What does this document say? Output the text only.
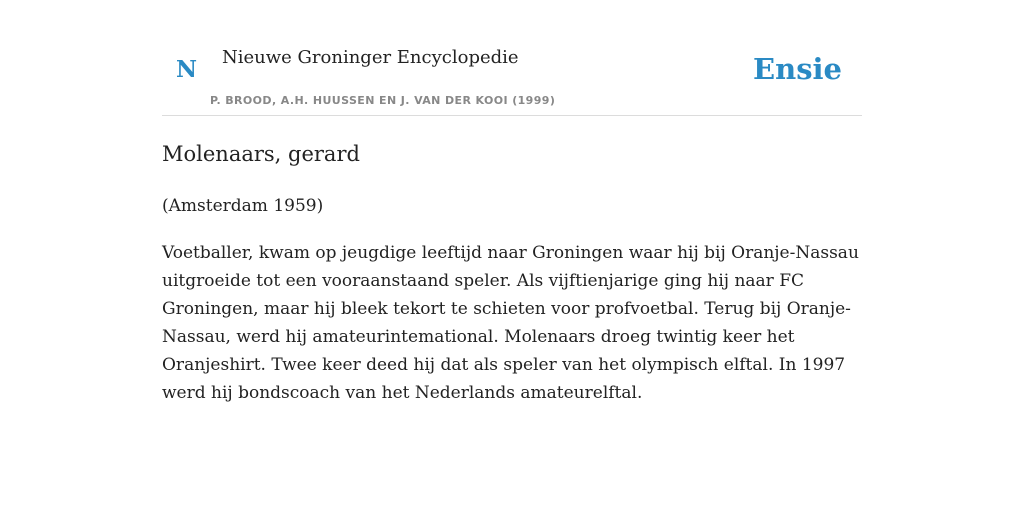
N Nieuwe Groninger Encyclopedie
P. BROOD, A.H. HUUSSEN EN J. VAN DER KOOI (1999)
Ensie
Molenaars, gerard

(Amsterdam 1959)

Voetballer, kwam op jeugdige leeftijd naar Groningen waar hij bij Oranje-Nassau
uitgroeide tot een vooraanstaand speler. Als vijftienjarige ging hij naar FC
Groningen, maar hij bleek tekort te schieten voor profvoetbal. Terug bij Oranje-
Nassau, werd hij amateurintemational. Molenaars droeg twintig keer het
Oranjeshirt. Twee keer deed hij dat als speler van het olympisch elftal. In 1997
werd hij bondscoach van het Nederlands amateurelftal.
